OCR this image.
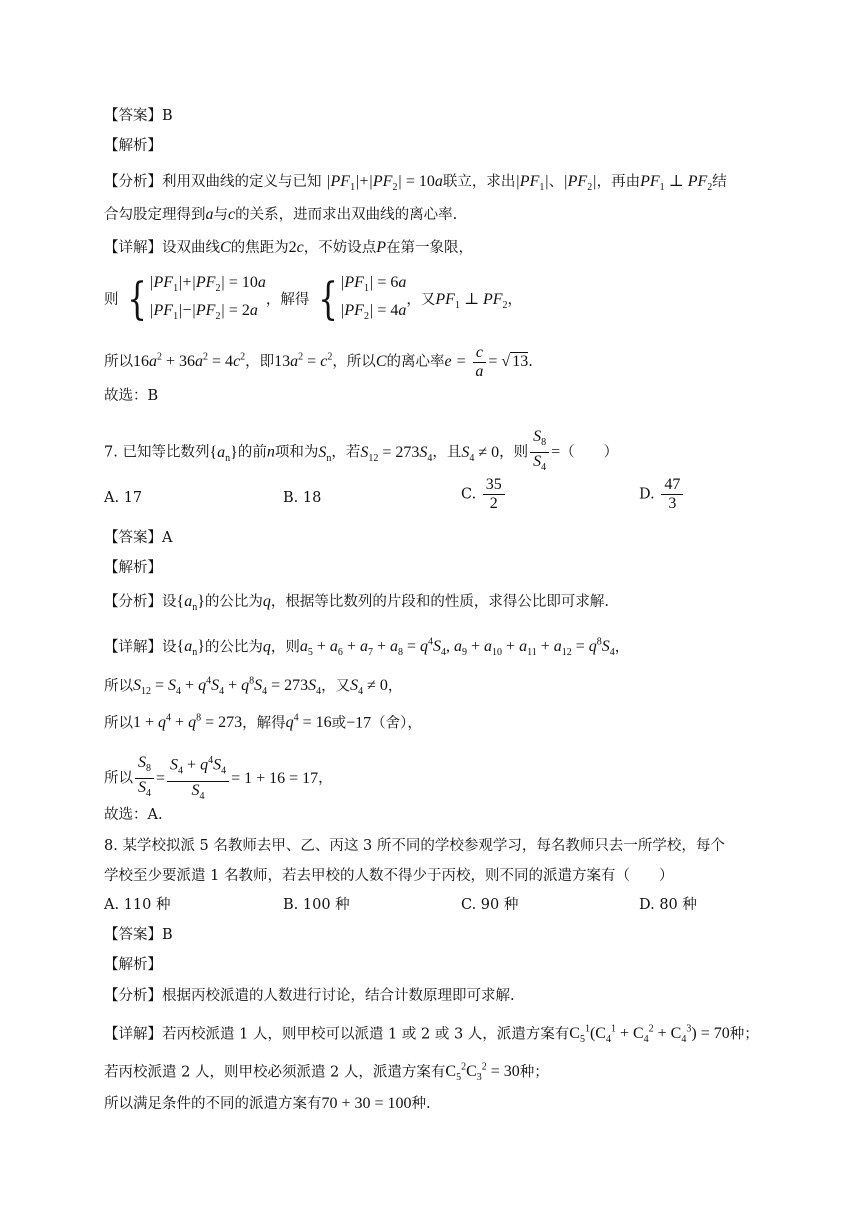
【答案】B
【解析】
【分析】利用双曲线的定义与已知 $|PF_1|+|PF_2| = 10a$联立，求出$|PF_1|$、$|PF_2|$，再由$PF_1$ ⊥ $PF_2$结
合勾股定理得到a与c的关系，进而求出双曲线的离心率.
【详解】设双曲线C的焦距为2c，不妨设点P在第一象限，
则 { $|PF_1|+|PF_2| = 10a$
$|PF_1|-|PF_2| = 2a$
，解得 { $|PF_1| = 6a$
$|PF_2| = 4a$
，又$PF_1$ ⊥ $PF_2$，
所以$16a^2 + 36a^2 = 4c^2$，即$13a^2 = c^2$，所以C的离心率$e = \frac{c}{a}$ = √ 13.
故选：B
7. 已知等比数列$\{a_n\}$的前n项和为$S_n$，若$S_{12} = 273S_4$，且$S_4 \ne 0$，则 $\frac{S_8}{S_4}$ =（　　）
A. 17	B. 18	C. $\frac{35}{2}$	D. $\frac{47}{3}$
【答案】A
【解析】
【分析】设$\{a_n\}$的公比为q，根据等比数列的片段和的性质，求得公比即可求解.
【详解】设$\{a_n\}$的公比为q，则$a_5 + a_6 + a_7 + a_8 = q^4S_4$, $a_9 + a_{10} + a_{11} + a_{12} = q^8S_4$，
所以$S_{12} = S_4 + q^4S_4 + q^8S_4 = 273S_4$，又$S_4 \ne 0$，
所以$1 + q^4 + q^8 = 273$，解得$q^4 = 16$或−17（舍），
所以 $\frac{S_8}{S_4} = \frac{S_4 + q^4S_4}{S_4} = 1 + 16 = 17$，
故选：A.
8. 某学校拟派 5 名教师去甲、乙、丙这 3 所不同的学校参观学习，每名教师只去一所学校，每个
学校至少要派遣 1 名教师，若去甲校的人数不得少于丙校，则不同的派遣方案有（　　）
A. 110 种	B. 100 种	C. 90 种	D. 80 种
【答案】B
【解析】
【分析】根据丙校派遣的人数进行讨论，结合计数原理即可求解.
【详解】若丙校派遣 1 人，则甲校可以派遣 1 或 2 或 3 人，派遣方案有$C_5^1(C_4^1 + C_4^2 + C_4^3) = 70$种；
若丙校派遣 2 人，则甲校必须派遣 2 人，派遣方案有$C_5^2C_3^2 = 30$种；
所以满足条件的不同的派遣方案有70 + 30 = 100种.
